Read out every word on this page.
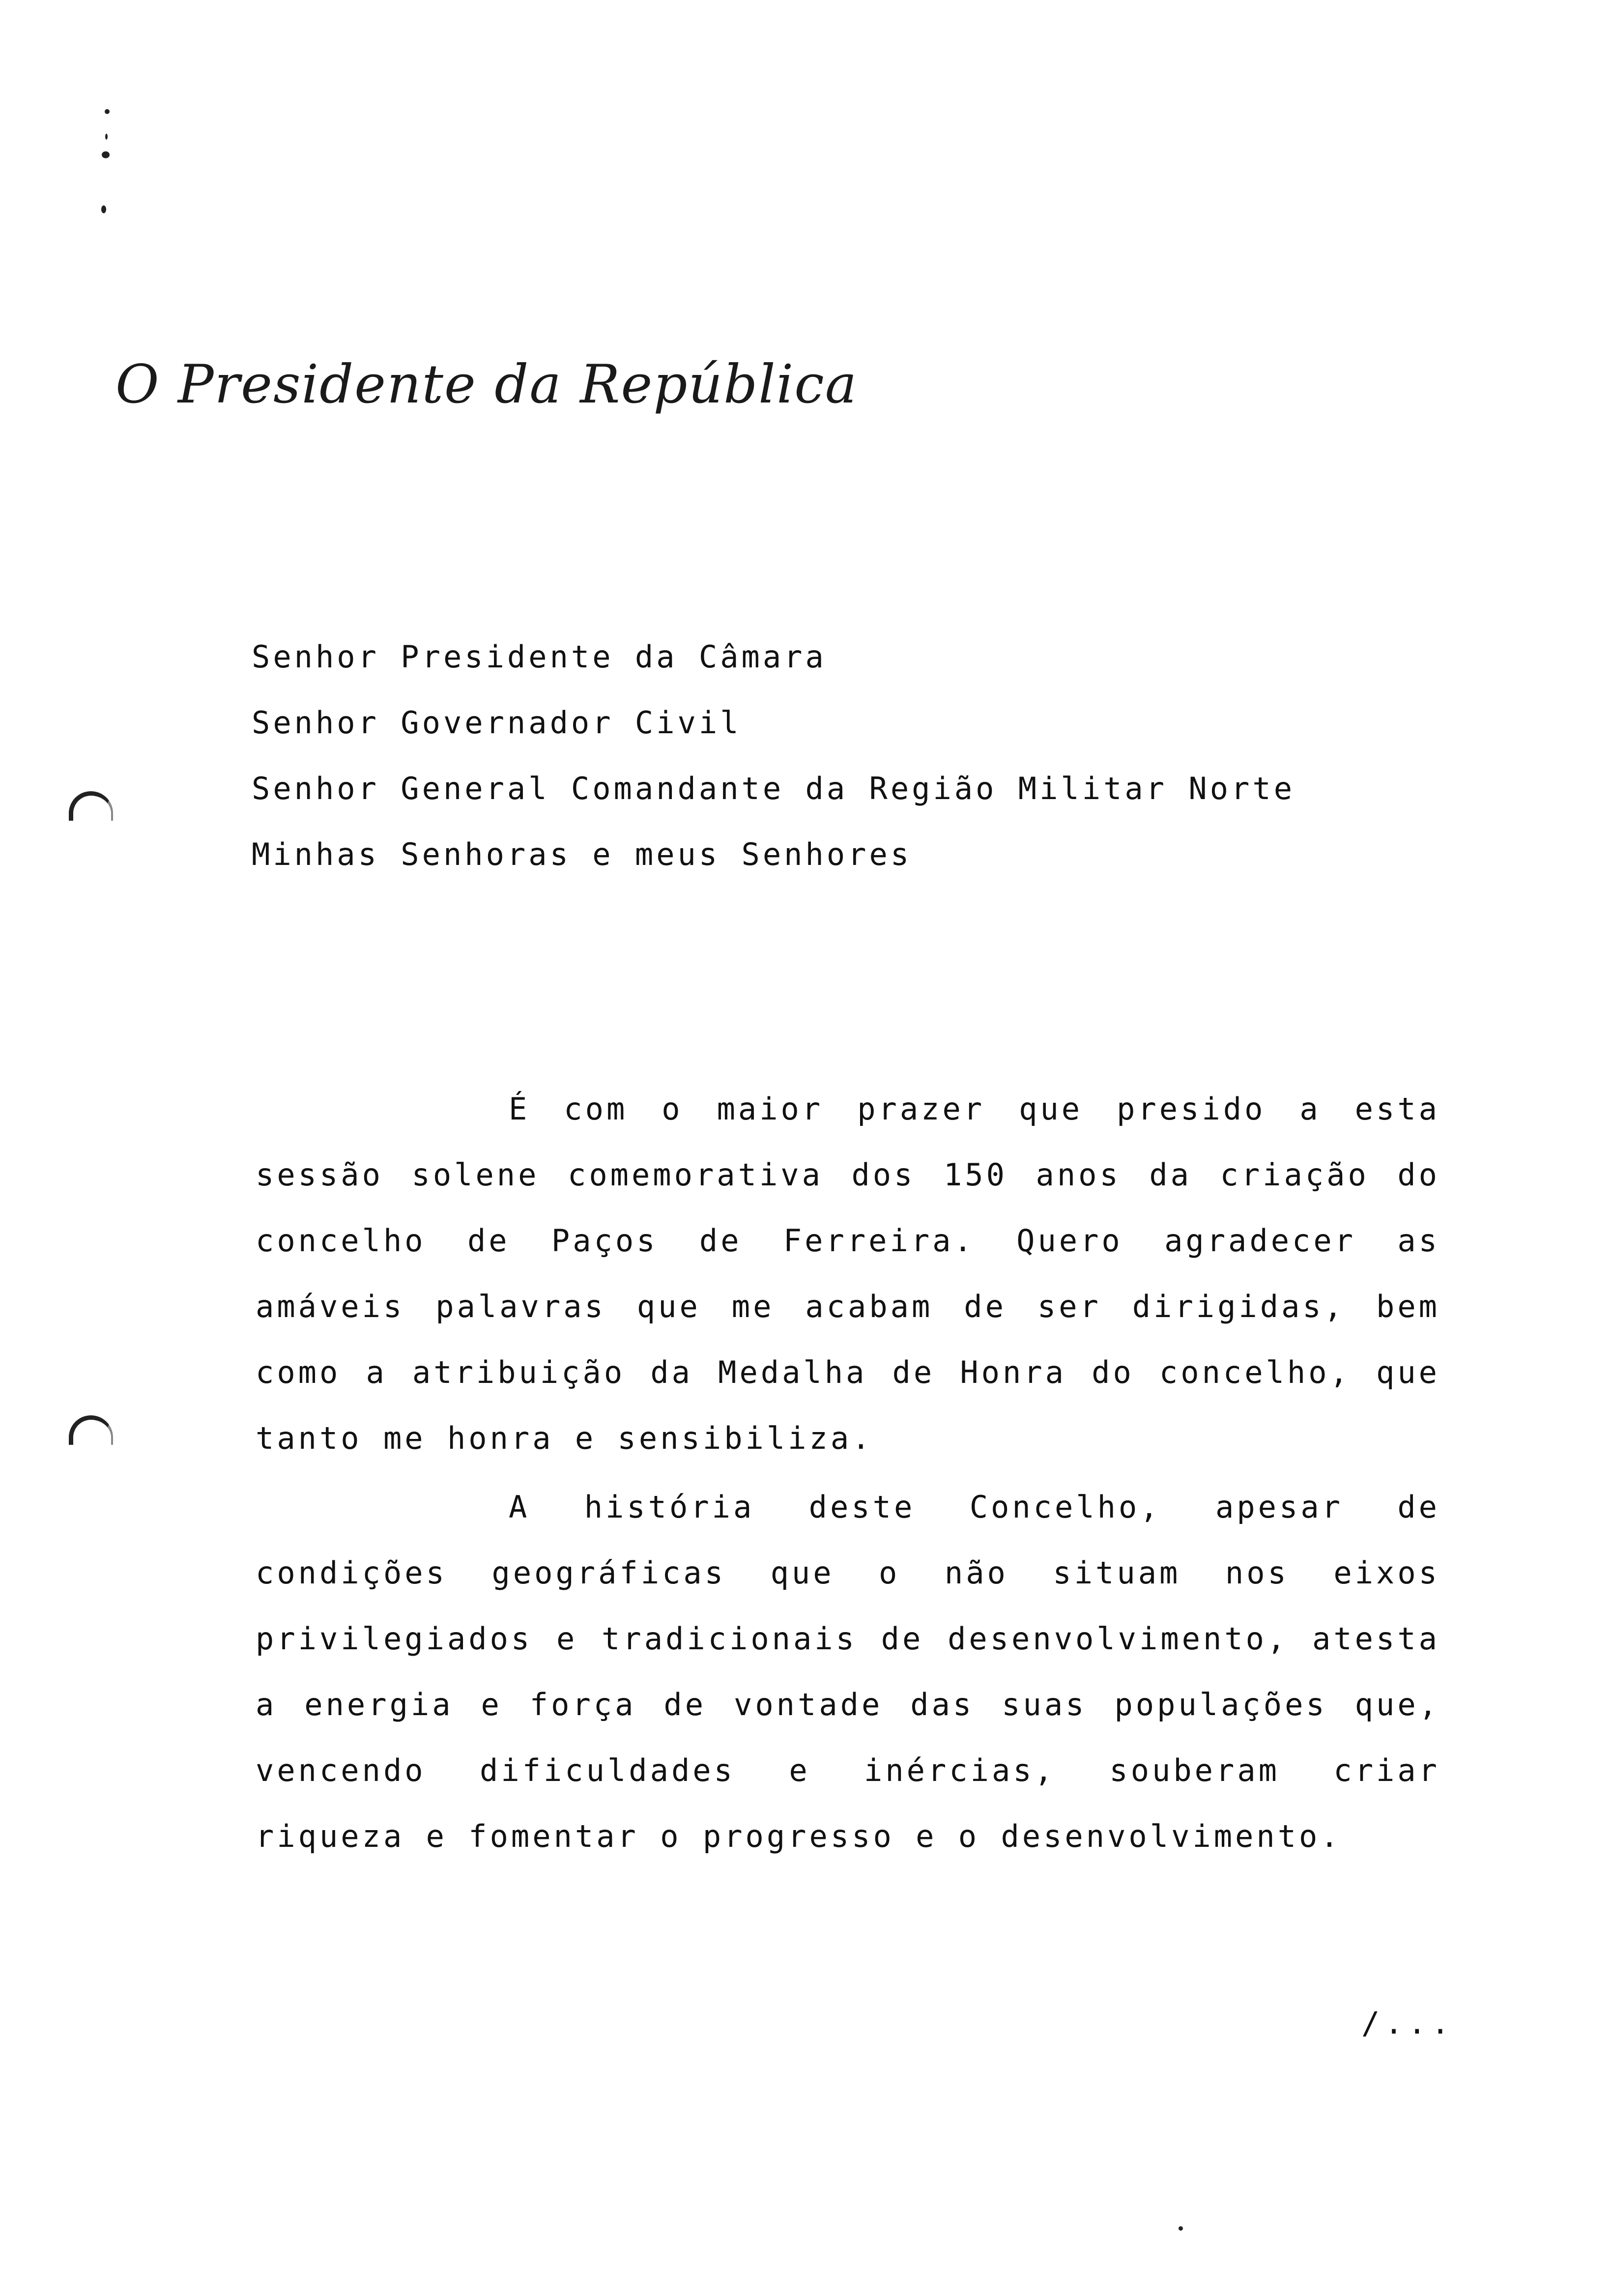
O Presidente da República
Senhor Presidente da Câmara
Senhor Governador Civil
Senhor General Comandante da Região Militar Norte
Minhas Senhoras e meus Senhores

É com o maior prazer que presido a esta sessão solene comemorativa dos 150 anos da criação do concelho de Paços de Ferreira. Quero agradecer as amáveis palavras que me acabam de ser dirigidas, bem como a atribuição da Medalha de Honra do concelho, que tanto me honra e sensibiliza.

A história deste Concelho, apesar de condições geográficas que o não situam nos eixos privilegiados e tradicionais de desenvolvimento, atesta a energia e força de vontade das suas populações que, vencendo dificuldades e inércias, souberam criar riqueza e fomentar o progresso e o desenvolvimento.

/...
